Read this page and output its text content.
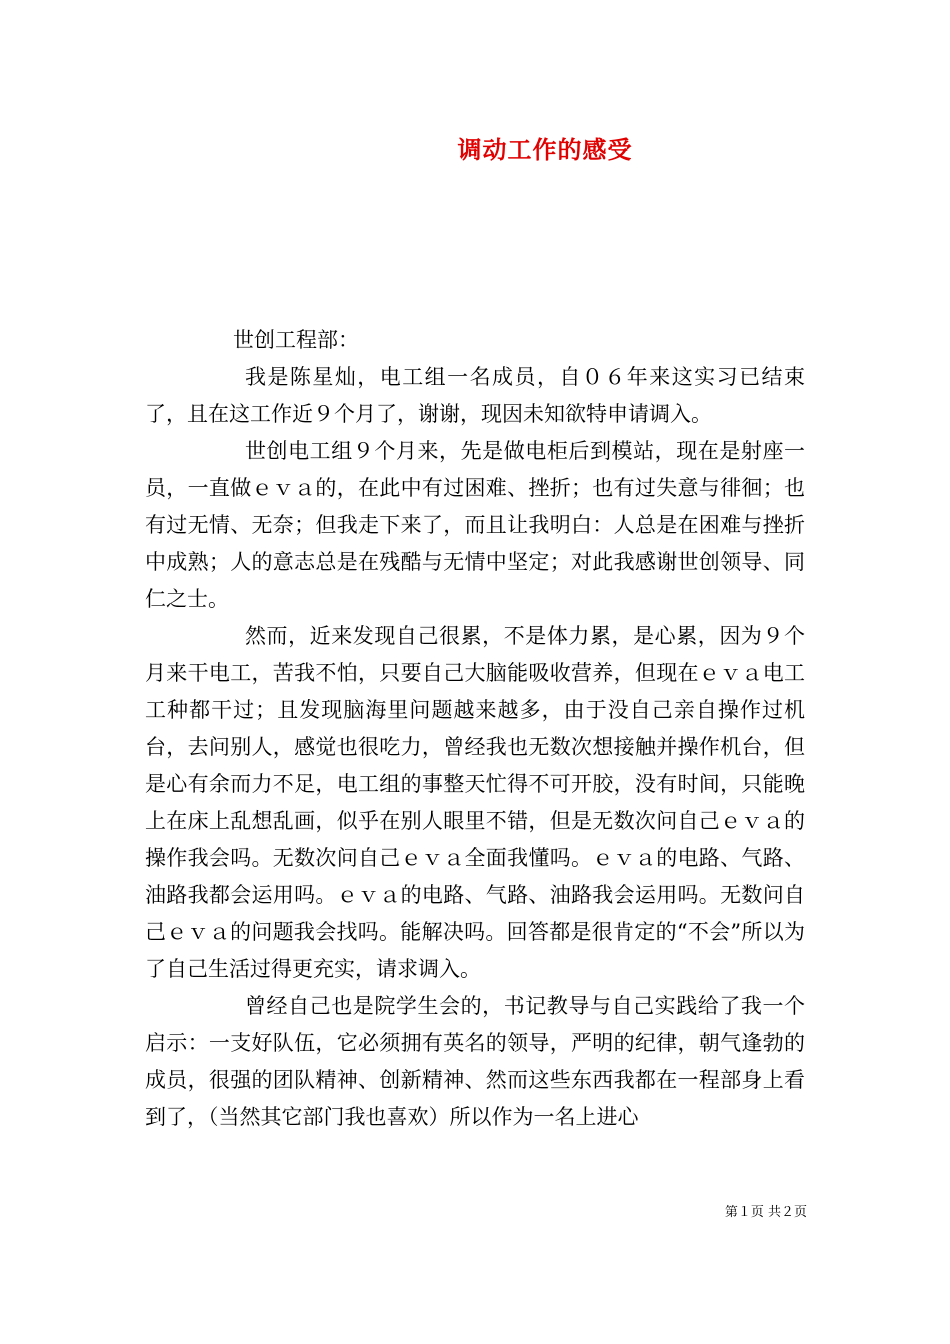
调动工作的感受

世创工程部：

我是陈星灿，电工组一名成员，自０６年来这实习已结束了，且在这工作近９个月了，谢谢，现因未知欲特申请调入。

世创电工组９个月来，先是做电柜后到模站，现在是射座一员，一直做ｅｖａ的，在此中有过困难、挫折；也有过失意与徘徊；也有过无情、无奈；但我走下来了，而且让我明白：人总是在困难与挫折中成熟；人的意志总是在残酷与无情中坚定；对此我感谢世创领导、同仁之士。

然而，近来发现自己很累，不是体力累，是心累，因为９个月来干电工，苦我不怕，只要自己大脑能吸收营养，但现在ｅｖａ电工工种都干过；且发现脑海里问题越来越多，由于没自己亲自操作过机台，去问别人，感觉也很吃力，曾经我也无数次想接触并操作机台，但是心有余而力不足，电工组的事整天忙得不可开胶，没有时间，只能晚上在床上乱想乱画，似乎在别人眼里不错，但是无数次问自己ｅｖａ的操作我会吗。无数次问自己ｅｖａ全面我懂吗。ｅｖａ的电路、气路、油路我都会运用吗。ｅｖａ的电路、气路、油路我会运用吗。无数问自己ｅｖａ的问题我会找吗。能解决吗。回答都是很肯定的“不会”所以为了自己生活过得更充实，请求调入。

曾经自己也是院学生会的，书记教导与自己实践给了我一个启示：一支好队伍，它必须拥有英名的领导，严明的纪律，朝气逢勃的成员，很强的团队精神、创新精神、然而这些东西我都在一程部身上看到了，（当然其它部门我也喜欢）所以作为一名上进心

第１页 共２页
